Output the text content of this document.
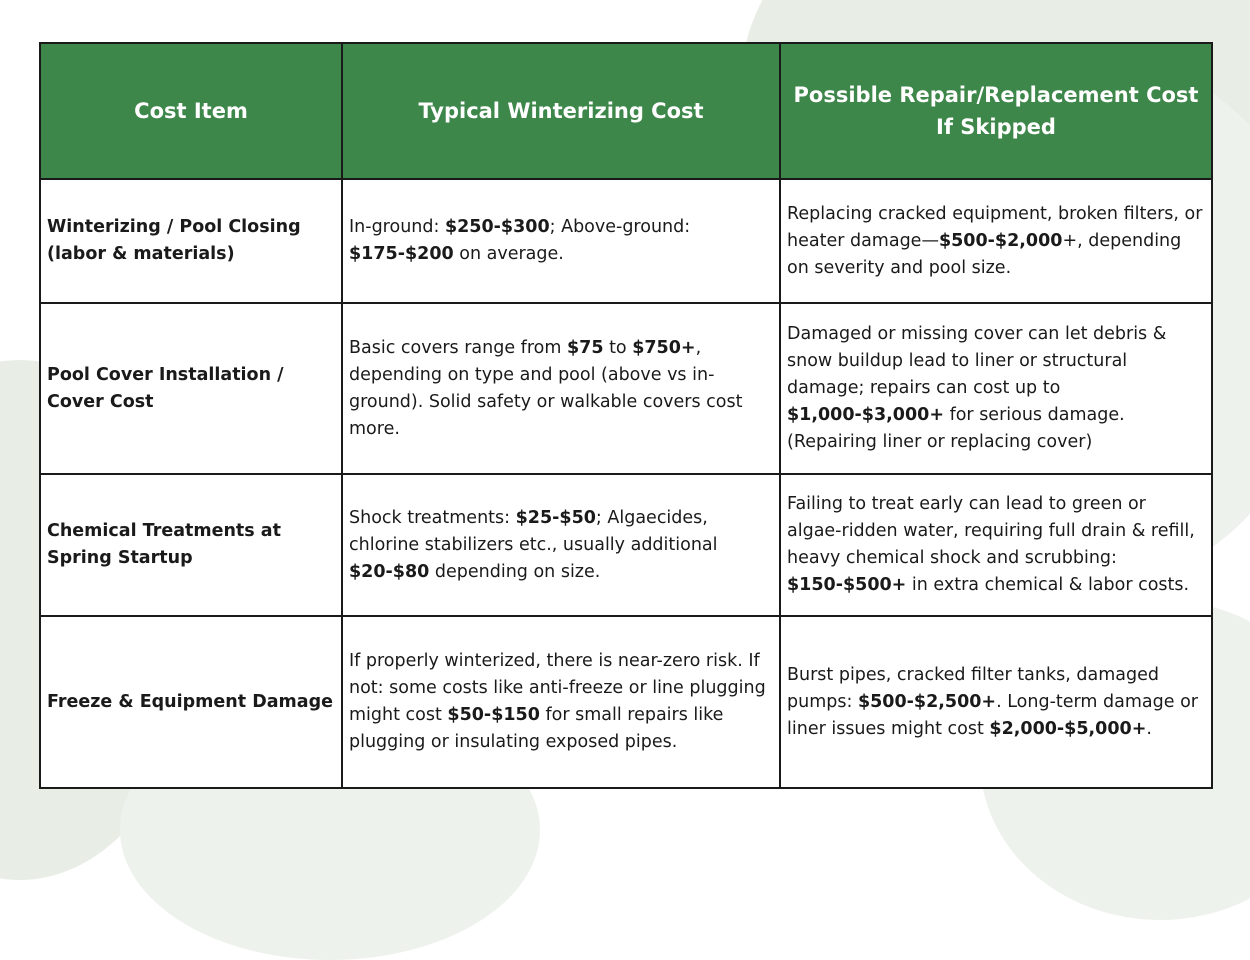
Cost Item	Typical Winterizing Cost	Possible Repair/Replacement Cost If Skipped
Winterizing / Pool Closing (labor & materials)	In-ground: $250-$300; Above-ground: $175-$200 on average.	Replacing cracked equipment, broken filters, or heater damage—$500-$2,000+, depending on severity and pool size.
Pool Cover Installation / Cover Cost	Basic covers range from $75 to $750+, depending on type and pool (above vs in-ground). Solid safety or walkable covers cost more.	Damaged or missing cover can let debris & snow buildup lead to liner or structural damage; repairs can cost up to $1,000-$3,000+ for serious damage. (Repairing liner or replacing cover)
Chemical Treatments at Spring Startup	Shock treatments: $25-$50; Algaecides, chlorine stabilizers etc., usually additional $20-$80 depending on size.	Failing to treat early can lead to green or algae-ridden water, requiring full drain & refill, heavy chemical shock and scrubbing: $150-$500+ in extra chemical & labor costs.
Freeze & Equipment Damage	If properly winterized, there is near-zero risk. If not: some costs like anti-freeze or line plugging might cost $50-$150 for small repairs like plugging or insulating exposed pipes.	Burst pipes, cracked filter tanks, damaged pumps: $500-$2,500+. Long-term damage or liner issues might cost $2,000-$5,000+.
